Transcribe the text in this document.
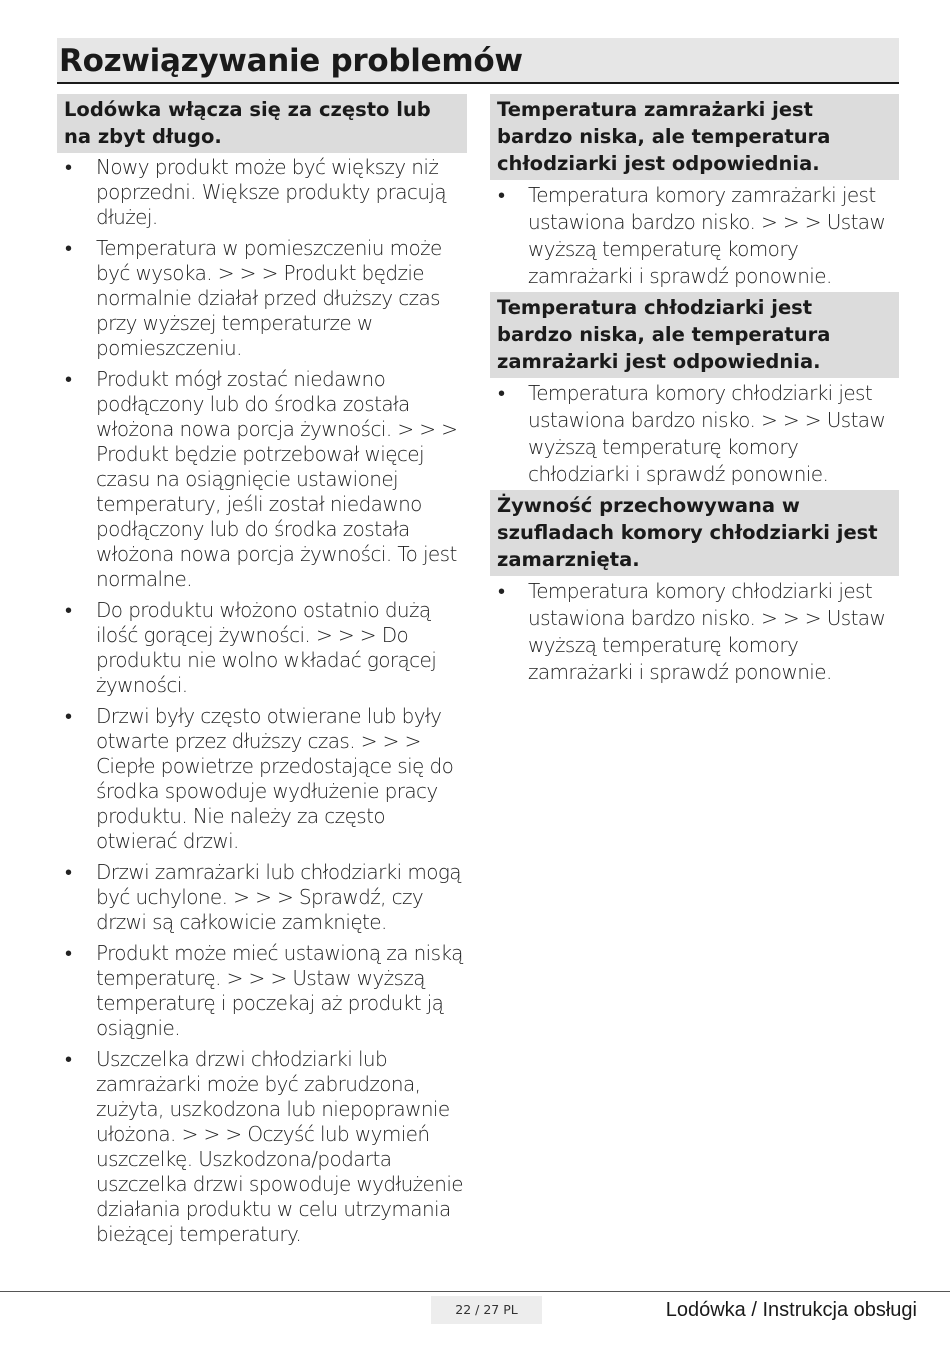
Rozwiązywanie problemów
Lodówka włącza się za często lub na zbyt długo.
• Nowy produkt może być większy niż poprzedni. Większe produkty pracują dłużej.
• Temperatura w pomieszczeniu może być wysoka. > > > Produkt będzie normalnie działał przed dłuższy czas przy wyższej temperaturze w pomieszczeniu.
• Produkt mógł zostać niedawno podłączony lub do środka została włożona nowa porcja żywności. > > > Produkt będzie potrzebował więcej czasu na osiągnięcie ustawionej temperatury, jeśli został niedawno podłączony lub do środka została włożona nowa porcja żywności. To jest normalne.
• Do produktu włożono ostatnio dużą ilość gorącej żywności. > > > Do produktu nie wolno wkładać gorącej żywności.
• Drzwi były często otwierane lub były otwarte przez dłuższy czas. > > > Ciepłe powietrze przedostające się do środka spowoduje wydłużenie pracy produktu. Nie należy za często otwierać drzwi.
• Drzwi zamrażarki lub chłodziarki mogą być uchylone. > > > Sprawdź, czy drzwi są całkowicie zamknięte.
• Produkt może mieć ustawioną za niską temperaturę. > > > Ustaw wyższą temperaturę i poczekaj aż produkt ją osiągnie.
• Uszczelka drzwi chłodziarki lub zamrażarki może być zabrudzona, zużyta, uszkodzona lub niepoprawnie ułożona. > > > Oczyść lub wymień uszczelkę. Uszkodzona/podarta uszczelka drzwi spowoduje wydłużenie działania produktu w celu utrzymania bieżącej temperatury.
Temperatura zamrażarki jest bardzo niska, ale temperatura chłodziarki jest odpowiednia.
• Temperatura komory zamrażarki jest ustawiona bardzo nisko. > > > Ustaw wyższą temperaturę komory zamrażarki i sprawdź ponownie.
Temperatura chłodziarki jest bardzo niska, ale temperatura zamrażarki jest odpowiednia.
• Temperatura komory chłodziarki jest ustawiona bardzo nisko. > > > Ustaw wyższą temperaturę komory chłodziarki i sprawdź ponownie.
Żywność przechowywana w szufladach komory chłodziarki jest zamarznięta.
• Temperatura komory chłodziarki jest ustawiona bardzo nisko. > > > Ustaw wyższą temperaturę komory zamrażarki i sprawdź ponownie.
22 / 27 PL	Lodówka / Instrukcja obsługi
